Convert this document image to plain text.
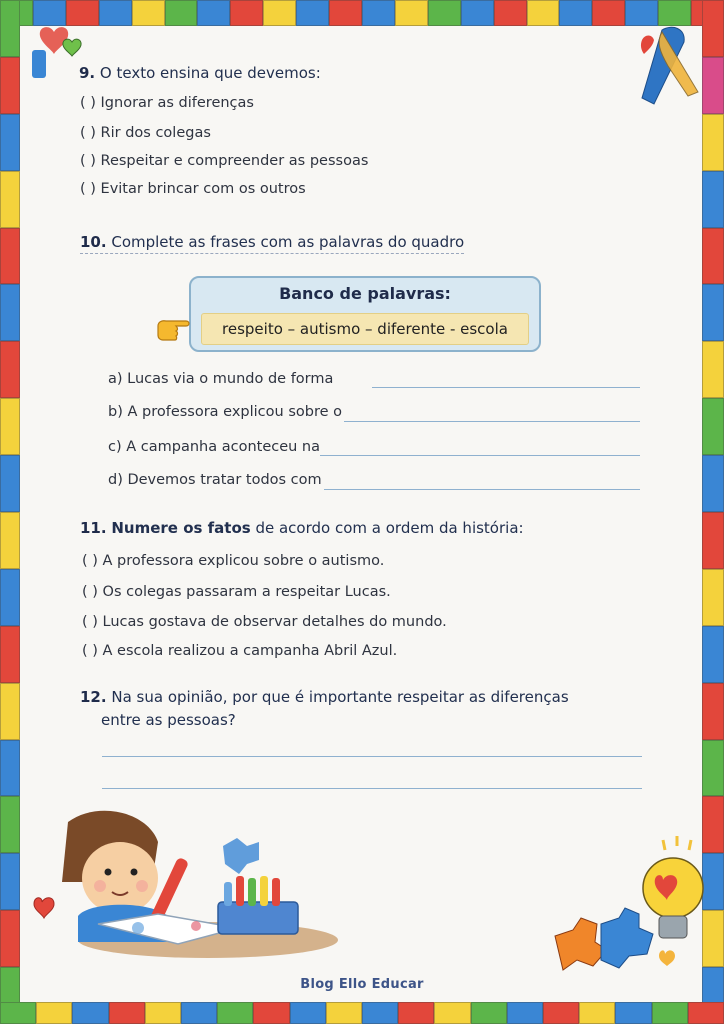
9. O texto ensina que devemos:
( ) Ignorar as diferenças
( ) Rir dos colegas
( ) Respeitar e compreender as pessoas
( ) Evitar brincar com os outros
10. Complete as frases com as palavras do quadro
Banco de palavras:
respeito – autismo – diferente - escola
a) Lucas via o mundo de forma
b) A professora explicou sobre o
c) A campanha aconteceu na
d) Devemos tratar todos com
11. Numere os fatos de acordo com a ordem da história:
( ) A professora explicou sobre o autismo.
( ) Os colegas passaram a respeitar Lucas.
( ) Lucas gostava de observar detalhes do mundo.
( ) A escola realizou a campanha Abril Azul.
12. Na sua opinião, por que é importante respeitar as diferenças
entre as pessoas?
Blog Ello Educar
